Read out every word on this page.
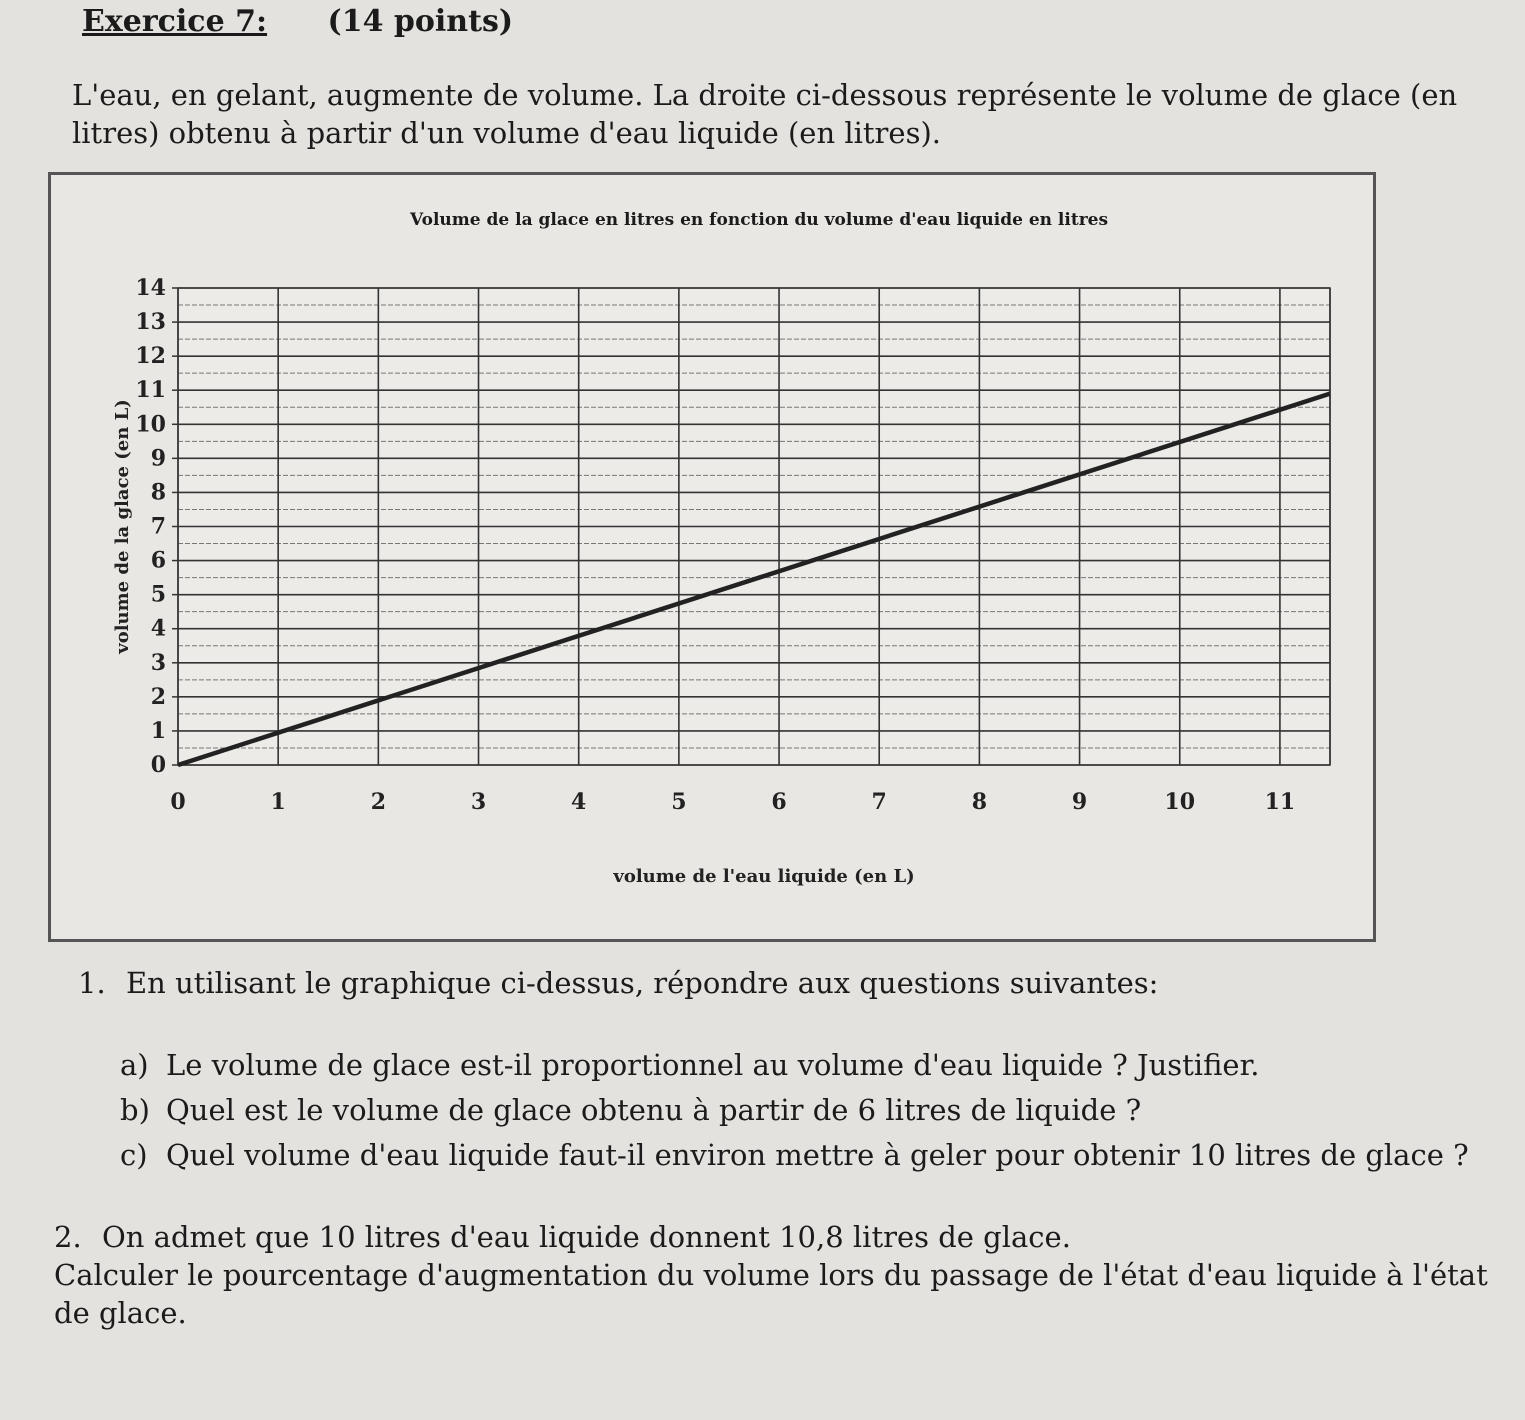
Exercice 7: (14 points)
L'eau, en gelant, augmente de volume. La droite ci-dessous représente le volume de glace (en litres) obtenu à partir d'un volume d'eau liquide (en litres).
Volume de la glace en litres en fonction du volume d'eau liquide en litres
0
1
2
3
4
5
6
7
8
9
10
11
12
13
14
0	1	2	3	4	5	6	7	8	9	10	11
volume de l'eau liquide (en L)
volume de la glace (en L)
1. En utilisant le graphique ci-dessus, répondre aux questions suivantes:
a) Le volume de glace est-il proportionnel au volume d'eau liquide ? Justifier.
b) Quel est le volume de glace obtenu à partir de 6 litres de liquide ?
c) Quel volume d'eau liquide faut-il environ mettre à geler pour obtenir 10 litres de glace ?
2. On admet que 10 litres d'eau liquide donnent 10,8 litres de glace.
Calculer le pourcentage d'augmentation du volume lors du passage de l'état d'eau liquide à l'état de glace.
